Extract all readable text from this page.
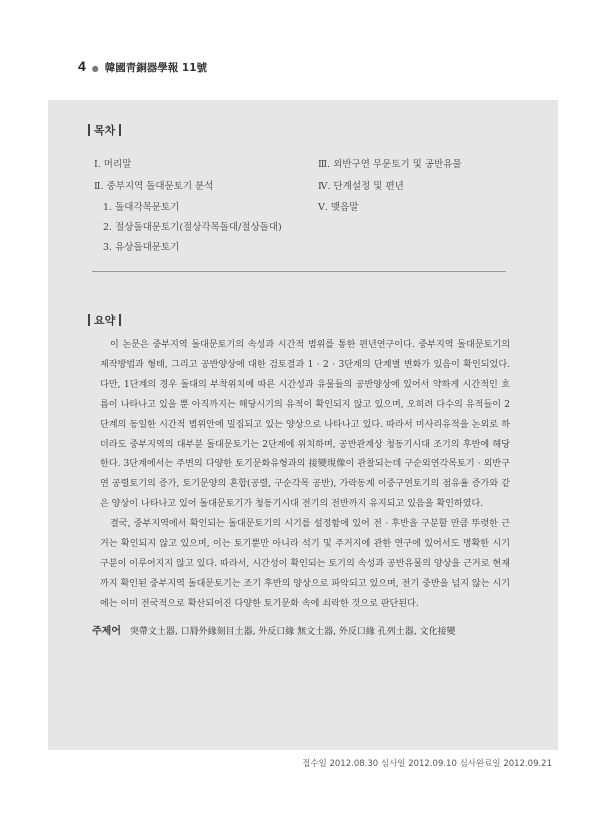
4 ● 韓國靑銅器學報 11號
목차
Ⅰ. 머리말
Ⅱ. 중부지역 돌대문토기 분석
1. 돌대각목문토기
2. 절상돌대문토기(절상각목돌대/절상돌대)
3. 유상돌대문토기
Ⅲ. 외반구연 무문토기 및 공반유물
Ⅳ. 단계설정 및 편년
Ⅴ. 맺음말
요약

이 논문은 중부지역 돌대문토기의 속성과 시간적 범위를 통한 편년연구이다. 중부지역 돌대문토기의 제작방법과 형태, 그리고 공반양상에 대한 검토결과 1 · 2 · 3단계의 단계별 변화가 있음이 확인되었다. 다만, 1단계의 경우 돌대의 부착위치에 따른 시간성과 유물들의 공반양상에 있어서 약하게 시간적인 흐름이 나타나고 있을 뿐 아직까지는 해당시기의 유적이 확인되지 않고 있으며, 오히려 다수의 유적들이 2단계의 동일한 시간적 범위안에 밀집되고 있는 양상으로 나타나고 있다. 따라서 미사리유적을 논외로 하더라도 중부지역의 대부분 돌대문토기는 2단계에 위치하며, 공반관계상 청동기시대 조기의 후반에 해당한다. 3단계에서는 주변의 다양한 토기문화유형과의 接變現像이 관찰되는데 구순외연각목토기 · 외반구연 공렬토기의 증가, 토기문양의 혼합(공렬, 구순각목 공반), 가락동계 이중구연토기의 점유율 증가와 같은 양상이 나타나고 있어 돌대문토기가 청동기시대 전기의 전반까지 유지되고 있음을 확인하였다.

결국, 중부지역에서 확인되는 돌대문토기의 시기를 설정함에 있어 전 · 후반을 구분할 만큼 뚜렷한 근거는 확인되지 않고 있으며, 이는 토기뿐만 아니라 석기 및 주거지에 관한 연구에 있어서도 명확한 시기구분이 이루어지지 않고 있다. 따라서, 시간성이 확인되는 토기의 속성과 공반유물의 양상을 근거로 현재까지 확인된 중부지역 돌대문토기는 조기 후반의 양상으로 파악되고 있으며, 전기 중반을 넘지 않는 시기에는 이미 전국적으로 확산되어진 다양한 토기문화 속에 쇠락한 것으로 판단된다.

주제어 突帶文土器, 口脣外緣刻目土器, 外反口緣 無文土器, 外反口緣 孔列土器, 文化接變
접수일 2012.08.30 심사일 2012.09.10 심사완료일 2012.09.21
